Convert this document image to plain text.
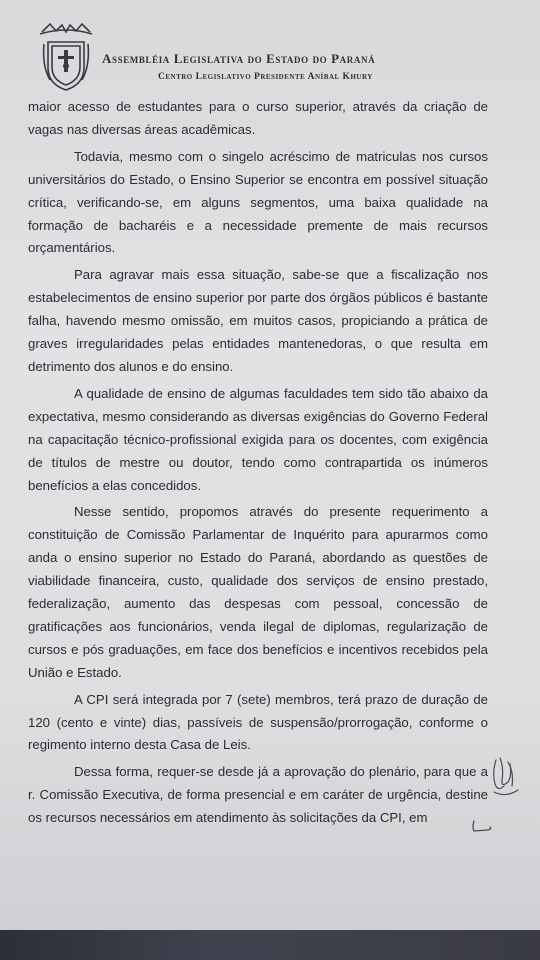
Assembléia Legislativa do Estado do Paraná
Centro Legislativo Presidente Aníbal Khury

maior acesso de estudantes para o curso superior, através da criação de vagas nas diversas áreas acadêmicas.

Todavia, mesmo com o singelo acréscimo de matriculas nos cursos universitários do Estado, o Ensino Superior se encontra em possível situação crítica, verificando-se, em alguns segmentos, uma baixa qualidade na formação de bacharéis e a necessidade premente de mais recursos orçamentários.

Para agravar mais essa situação, sabe-se que a fiscalização nos estabelecimentos de ensino superior por parte dos órgãos públicos é bastante falha, havendo mesmo omissão, em muitos casos, propiciando a prática de graves irregularidades pelas entidades mantenedoras, o que resulta em detrimento dos alunos e do ensino.

A qualidade de ensino de algumas faculdades tem sido tão abaixo da expectativa, mesmo considerando as diversas exigências do Governo Federal na capacitação técnico-profissional exigida para os docentes, com exigência de títulos de mestre ou doutor, tendo como contrapartida os inúmeros benefícios a elas concedidos.

Nesse sentido, propomos através do presente requerimento a constituição de Comissão Parlamentar de Inquérito para apurarmos como anda o ensino superior no Estado do Paraná, abordando as questões de viabilidade financeira, custo, qualidade dos serviços de ensino prestado, federalização, aumento das despesas com pessoal, concessão de gratificações aos funcionários, venda ilegal de diplomas, regularização de cursos e pós graduações, em face dos benefícios e incentivos recebidos pela União e Estado.

A CPI será integrada por 7 (sete) membros, terá prazo de duração de 120 (cento e vinte) dias, passíveis de suspensão/prorrogação, conforme o regimento interno desta Casa de Leis.

Dessa forma, requer-se desde já a aprovação do plenário, para que a r. Comissão Executiva, de forma presencial e em caráter de urgência, destine os recursos necessários em atendimento às solicitações da CPI, em
